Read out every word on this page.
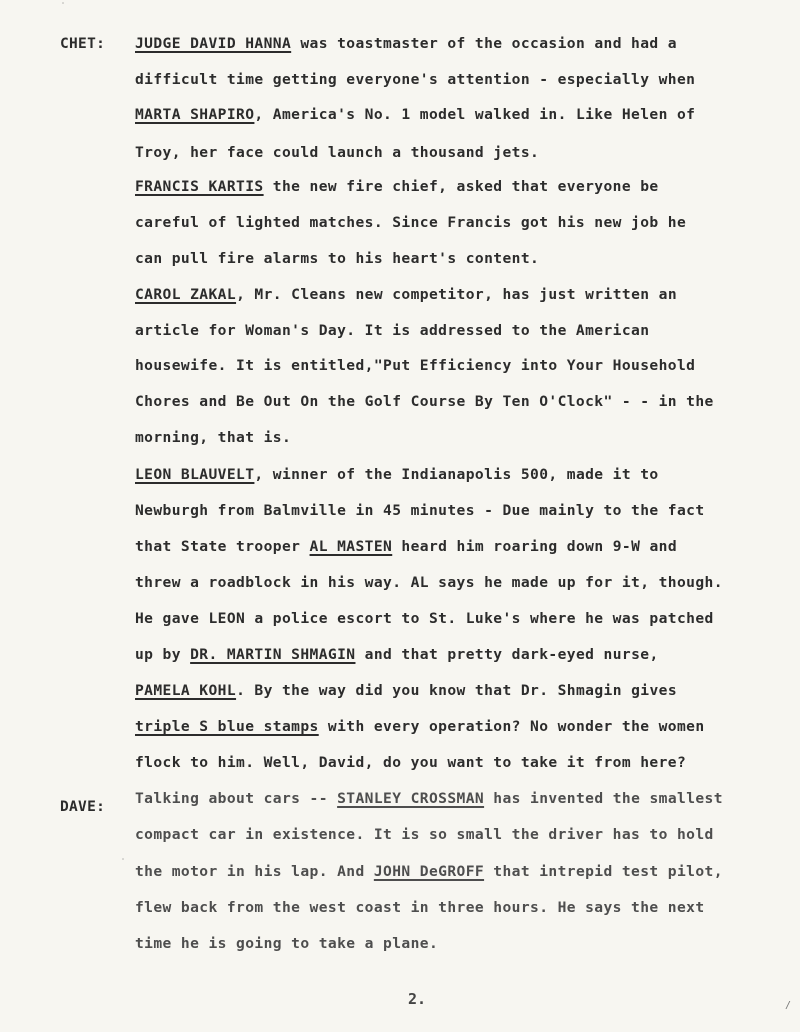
CHET:
DAVE:
JUDGE DAVID HANNA was toastmaster of the occasion and had a
difficult time getting everyone's attention - especially when
MARTA SHAPIRO, America's No. 1 model walked in. Like Helen of
Troy, her face could launch a thousand jets.
FRANCIS KARTIS the new fire chief, asked that everyone be
careful of lighted matches. Since Francis got his new job he
can pull fire alarms to his heart's content.
CAROL ZAKAL, Mr. Cleans new competitor, has just written an
article for Woman's Day. It is addressed to the American
housewife. It is entitled,"Put Efficiency into Your Household
Chores and Be Out On the Golf Course By Ten O'Clock" - - in the
morning, that is.
LEON BLAUVELT, winner of the Indianapolis 500, made it to
Newburgh from Balmville in 45 minutes - Due mainly to the fact
that State trooper AL MASTEN heard him roaring down 9-W and
threw a roadblock in his way. AL says he made up for it, though.
He gave LEON a police escort to St. Luke's where he was patched
up by DR. MARTIN SHMAGIN and that pretty dark-eyed nurse,
PAMELA KOHL. By the way did you know that Dr. Shmagin gives
triple S blue stamps with every operation? No wonder the women
flock to him. Well, David, do you want to take it from here?
Talking about cars -- STANLEY CROSSMAN has invented the smallest
compact car in existence. It is so small the driver has to hold
the motor in his lap. And JOHN DeGROFF that intrepid test pilot,
flew back from the west coast in three hours. He says the next
time he is going to take a plane.
2.
˙
˙
/
